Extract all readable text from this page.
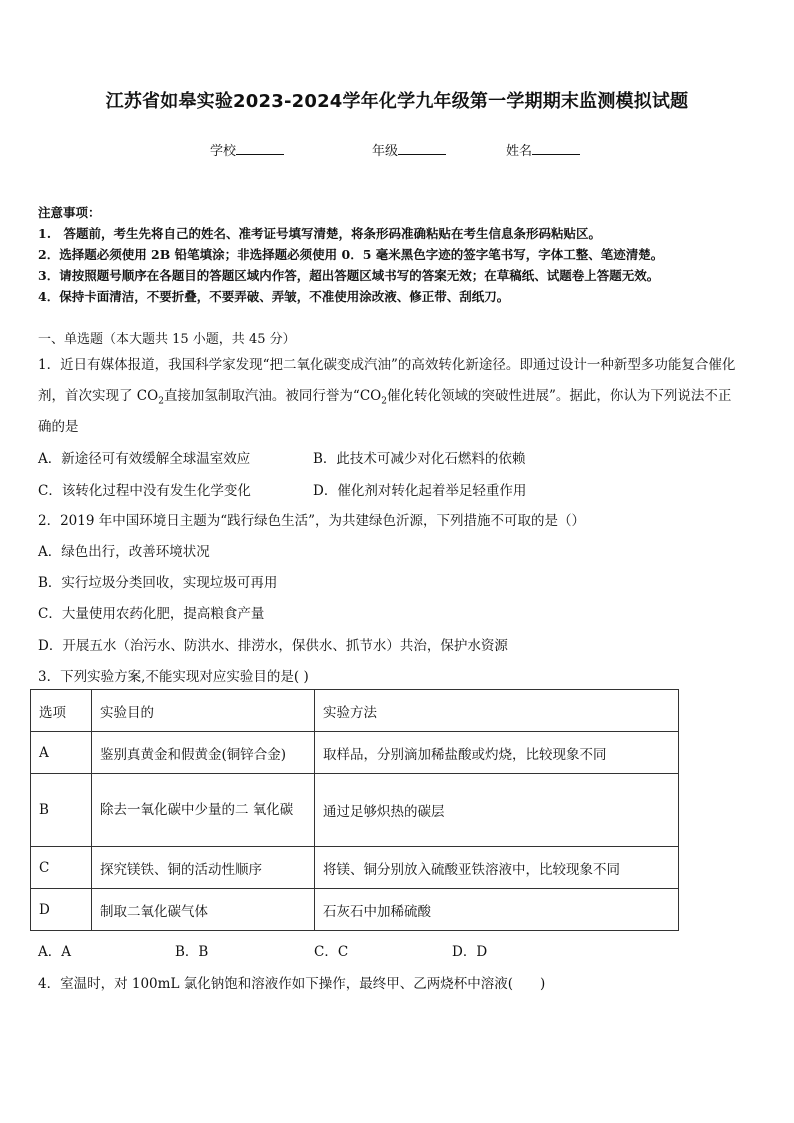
江苏省如皋实验2023-2024学年化学九年级第一学期期末监测模拟试题
学校	年级	姓名
注意事项：
1.　答题前，考生先将自己的姓名、准考证号填写清楚，将条形码准确粘贴在考生信息条形码粘贴区。
2．选择题必须使用 2B 铅笔填涂；非选择题必须使用 0．5 毫米黑色字迹的签字笔书写，字体工整、笔迹清楚。
3．请按照题号顺序在各题目的答题区域内作答，超出答题区域书写的答案无效；在草稿纸、试题卷上答题无效。
4．保持卡面清洁，不要折叠，不要弄破、弄皱，不准使用涂改液、修正带、刮纸刀。
一、单选题（本大题共 15 小题，共 45 分）
1．近日有媒体报道，我国科学家发现“把二氧化碳变成汽油”的高效转化新途径。即通过设计一种新型多功能复合催化
剂，首次实现了 $CO_2$直接加氢制取汽油。被同行誉为“$CO_2$催化转化领域的突破性进展”。据此，你认为下列说法不正
确的是
A．新途径可有效缓解全球温室效应	B．此技术可减少对化石燃料的依赖
C．该转化过程中没有发生化学变化	D．催化剂对转化起着举足轻重作用
2．2019 年中国环境日主题为“践行绿色生活”，为共建绿色沂源，下列措施不可取的是（）
A．绿色出行，改善环境状况
B．实行垃圾分类回收，实现垃圾可再用
C．大量使用农药化肥，提高粮食产量
D．开展五水（治污水、防洪水、排涝水，保供水、抓节水）共治，保护水资源
3．下列实验方案,不能实现对应实验目的是( )
选项	实验目的	实验方法
A	鉴别真黄金和假黄金(铜锌合金)	取样品，分别滴加稀盐酸或灼烧，比较现象不同
B	除去一氧化碳中少量的二 氧化碳	通过足够炽热的碳层
C	探究镁铁、铜的活动性顺序	将镁、铜分别放入硫酸亚铁溶液中，比较现象不同
D	制取二氧化碳气体	石灰石中加稀硫酸
A．A	B．B	C．C	D．D
4．室温时，对 100mL 氯化钠饱和溶液作如下操作，最终甲、乙两烧杯中溶液(　　)
